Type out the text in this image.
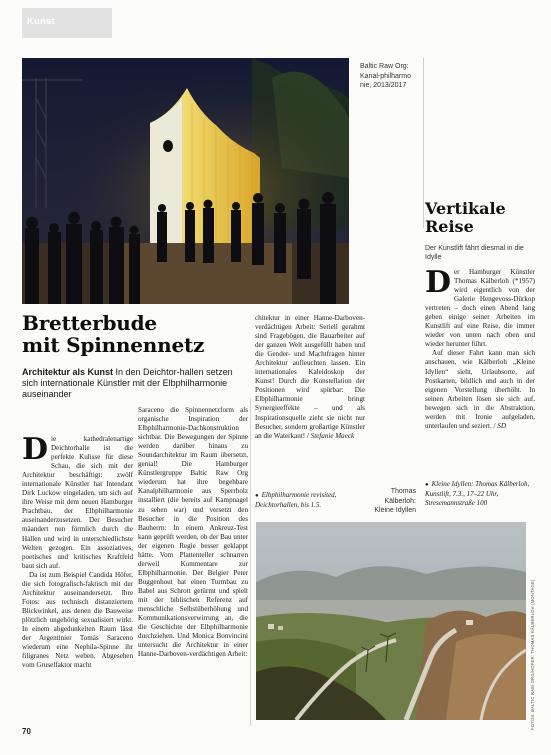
Kunst
Baltic Raw Org: Kanal-philharmo nie, 2013/2017
Vertikale
Reise
Der Kunstlift fährt diesmal in die Idylle

Der Hamburger Künstler Thomas Kälberloh (*1957) wird eigentlich von der Galerie Hengevoss-Dürkop vertreten – doch einen Abend lang geben einige seiner Arbeiten im Kunstlift auf eine Reise, die immer wieder von unten nach oben und wieder herunter führt.

Auf dieser Fahrt kann man sich anschauen, wie Kälberloh „Kleine Idyllen“ sieht, Urlaubsorte, auf Postkarten, bildlich und auch in der eigenen Vorstellung überhöht. In seinen Arbeiten lösen sie sich auf, bewegen sich in die Abstraktion, werden mit Ironie aufgeladen, unterlaufen und seziert. / SD

● Kleine Idyllen: Thomas Kälberloh, Kunstlift, 7.3., 17–22 Uhr, Stresemannstraße 100
Bretterbude
mit Spinnennetz
Architektur als Kunst In den Deichtor-hallen setzen sich internationale Künstler mit der Elbphilharmonie auseinander

Die kathedralenartige Deichtorhalle ist die perfekte Kulisse für diese Schau, die sich mit der Architektur beschäftigt: zwölf internationale Künstler hat Intendant Dirk Luckow eingeladen, um sich auf ihre Weise mit dem neuen Hamburger Prachtbau, der Elbphilharmonie auseinanderzusetzen. Der Besucher mäandert nun förmlich durch die Hallen und wird in unterschiedlichste Welten gezogen. Ein assoziatives, poetisches und kritisches Kraftfeld baut sich auf.

Da ist zum Beispiel Candida Höfer, die sich fotografisch-faktisch mit der Architektur auseinandersetzt. Ihre Fotos: aus technisch distanziertem Blickwinkel, aus denen die Bauweise plötzlich ungehörig sexualisiert wirkt. In einem abgedunkelten Raum lässt der Argentinier Tomás Saraceno wiederum eine Nephila-Spinne ihr filigranes Netz weben. Abgesehen vom Gruselfaktor macht

Saraceno die Spinnennetzform als organische Inspiration der Elbphilharmonie-Dachkonstruktion sichtbar. Die Bewegungen der Spinne werden darüber hinaus zu Soundarchitektur im Raum übersetzt, genial! Die Hamburger Künstlergruppe Baltic Raw Org wiederum hat ihre begehbare Kanalphilharmonie aus Sperrholz installiert (die bereits auf Kampnagel zu sehen war) und versetzt den Besucher in die Position des Bauherrn: In einem Ankreuz-Test kann geprüft werden, ob der Bau unter der eigenen Regie besser geklappt hätte. Vom Plattenteller schnarren derweil Kommentare zur Elbphilharmonie. Der Belgier Peter Buggenhout hat einen Turmbau zu Babel aus Schrott getürmt und spielt mit der biblischen Referenz auf menschliche Selbstüberhöhung und Kommunikationsverwirrung an, die die Geschichte der Elbphilharmonie durchziehen. Und Monica Bonvincini untersucht die Architektur in einer Hanne-Darboven-verdächtigen Arbeit:

chitektur in einer Hanne-Darboven-verdächtigen Arbeit: Seriell gerahmt sind Fragebögen, die Bauarbeiter auf der ganzen Welt ausgefüllt haben und die Gender- und Machtfragen hinter Architektur aufleuchten lassen. Ein internationales Kaleidoskop der Kunst! Durch die Konstellation der Positionen wird spürbar: Die Elbphilharmonie bringt Synergieeffekte – und als Inspirationsquelle zieht sie nicht nur Besucher, sondern großartige Künstler an die Waterkant! / Stefanie Maeck

● Elbphilharmonie revisited, Deichtorhallen, bis 1.5.
Thomas Kälberloh: Kleine Idyllen
FOTOS: BALTIC RAW ORG/HOFER; THOMAS KÄLBERLOH (MONTAGE)
70
